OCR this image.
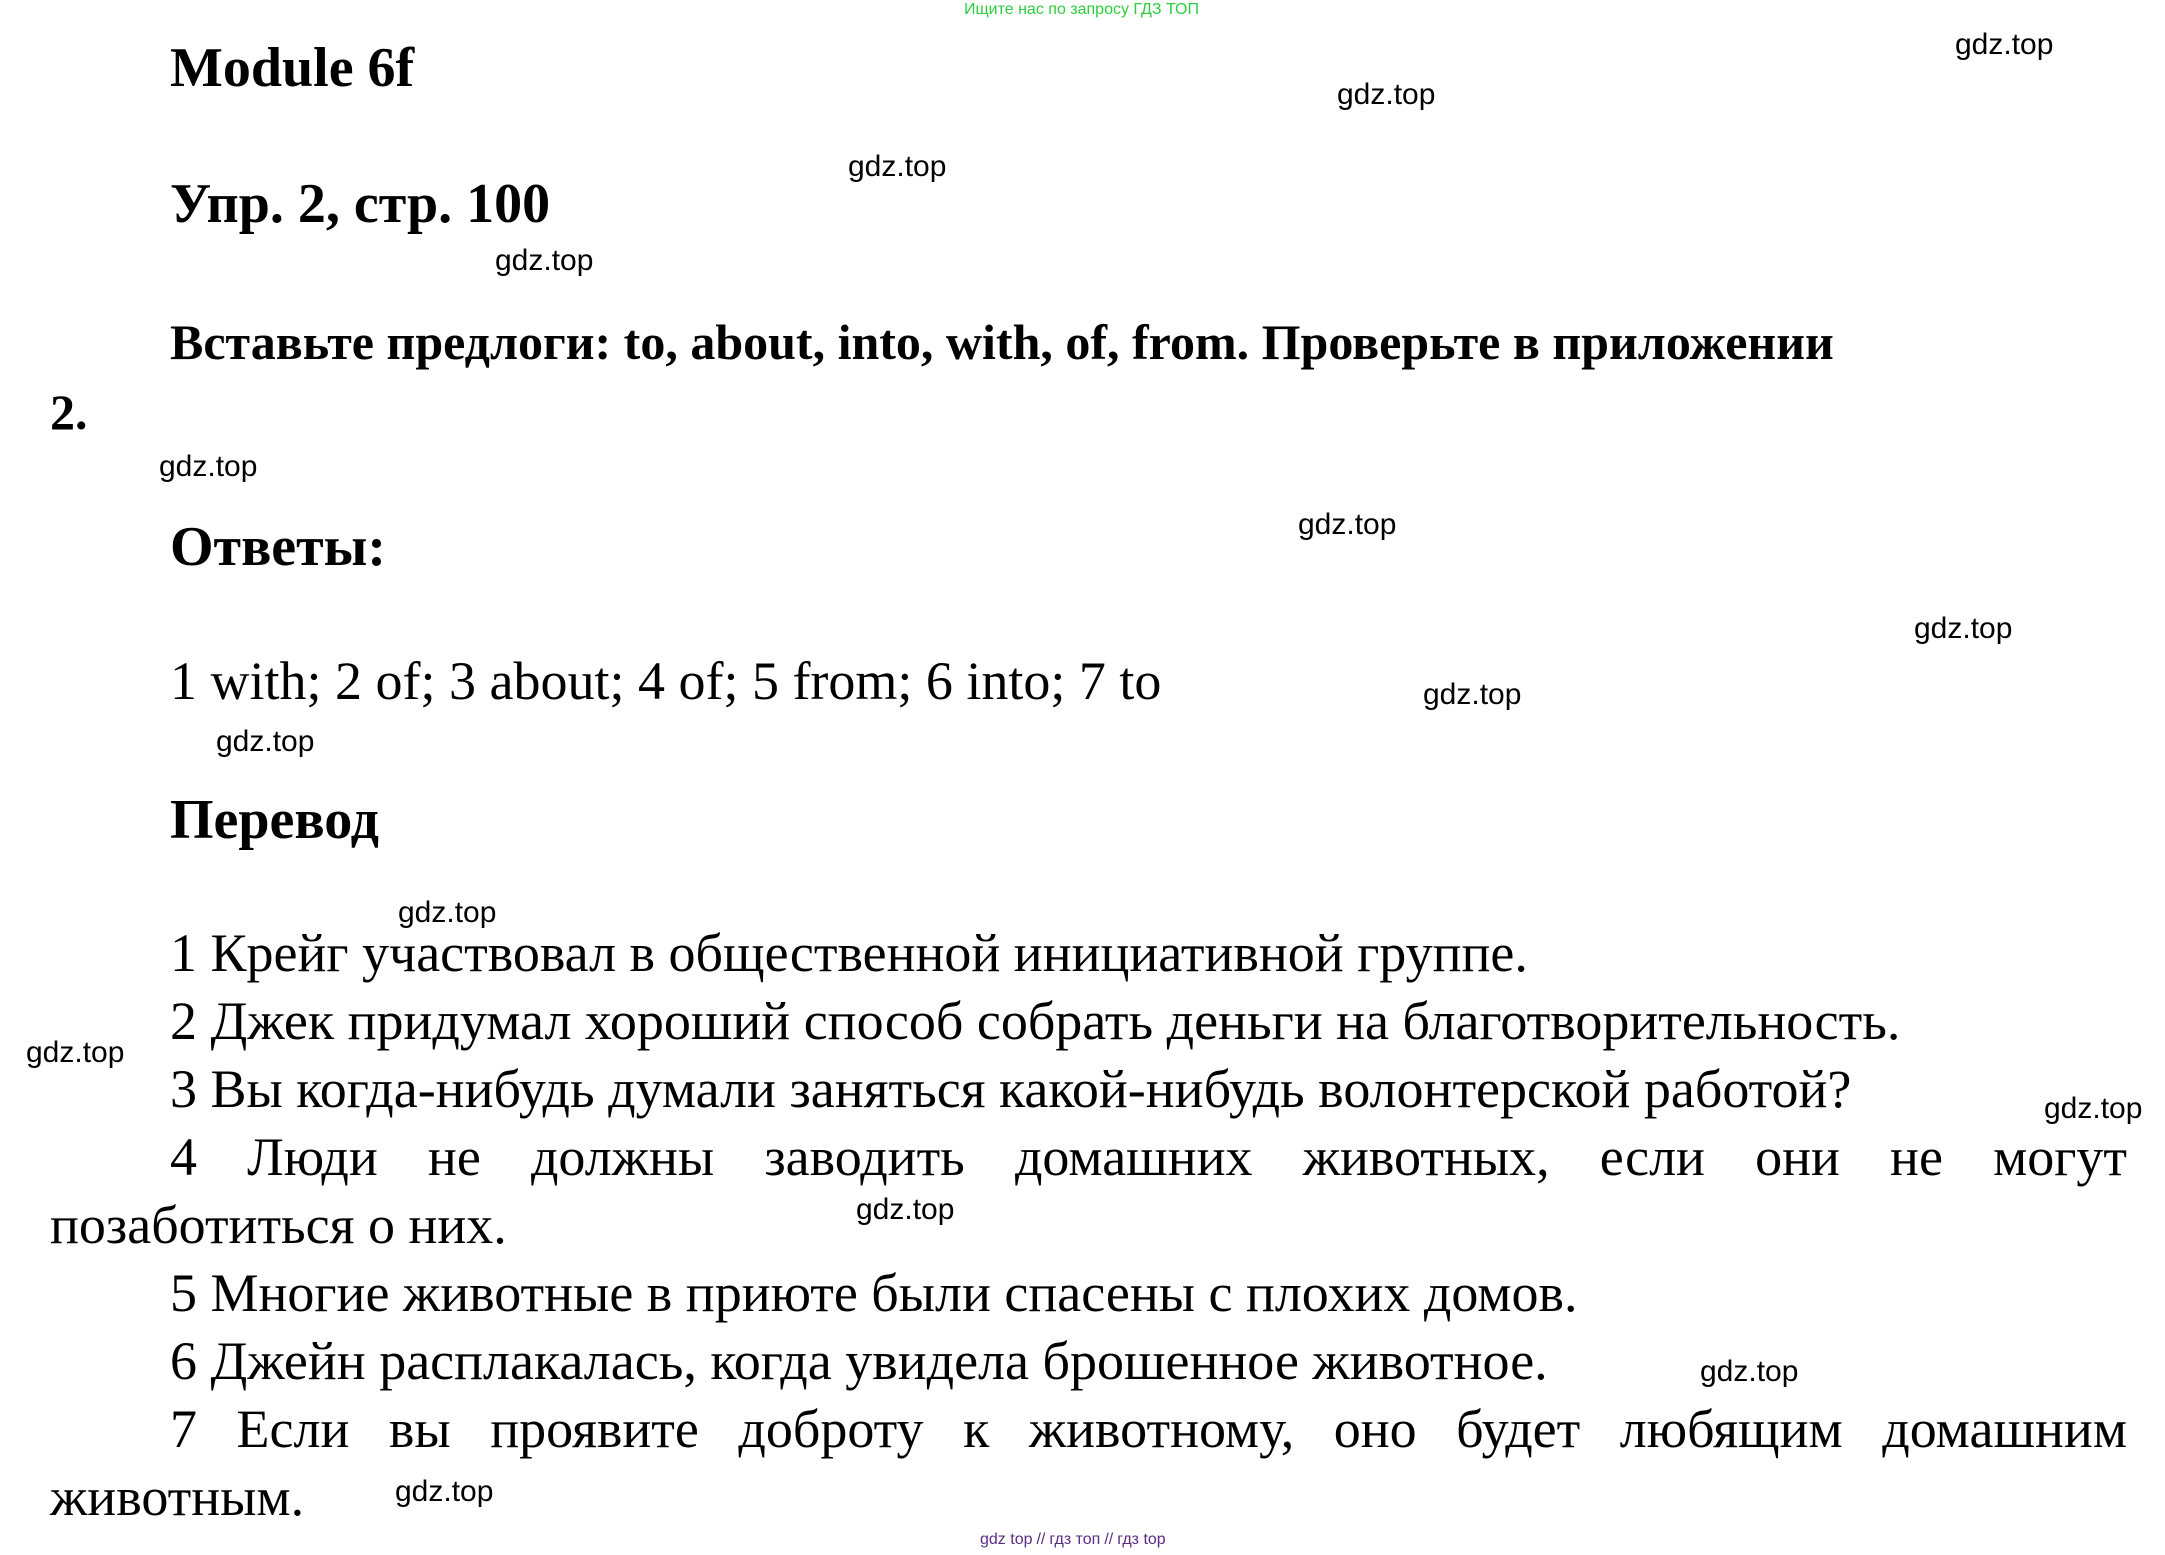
Ищите нас по запросу ГДЗ ТОП
Module 6f
Упр. 2, стр. 100
Вставьте предлоги: to, about, into, with, of, from. Проверьте в приложении
2.
Ответы:
1 with; 2 of; 3 about; 4 of; 5 from; 6 into; 7 to
Перевод
1 Крейг участвовал в общественной инициативной группе.
2 Джек придумал хороший способ собрать деньги на благотворительность.
3 Вы когда-нибудь думали заняться какой-нибудь волонтерской работой?
4 Люди не должны заводить домашних животных, если они не могут
позаботиться о них.
5 Многие животные в приюте были спасены с плохих домов.
6 Джейн расплакалась, когда увидела брошенное животное.
7 Если вы проявите доброту к животному, оно будет любящим домашним
животным.
gdz.top
gdz.top
gdz.top
gdz.top
gdz.top
gdz.top
gdz.top
gdz.top
gdz.top
gdz.top
gdz.top
gdz.top
gdz.top
gdz.top
gdz.top
gdz top // гдз топ // гдз top
